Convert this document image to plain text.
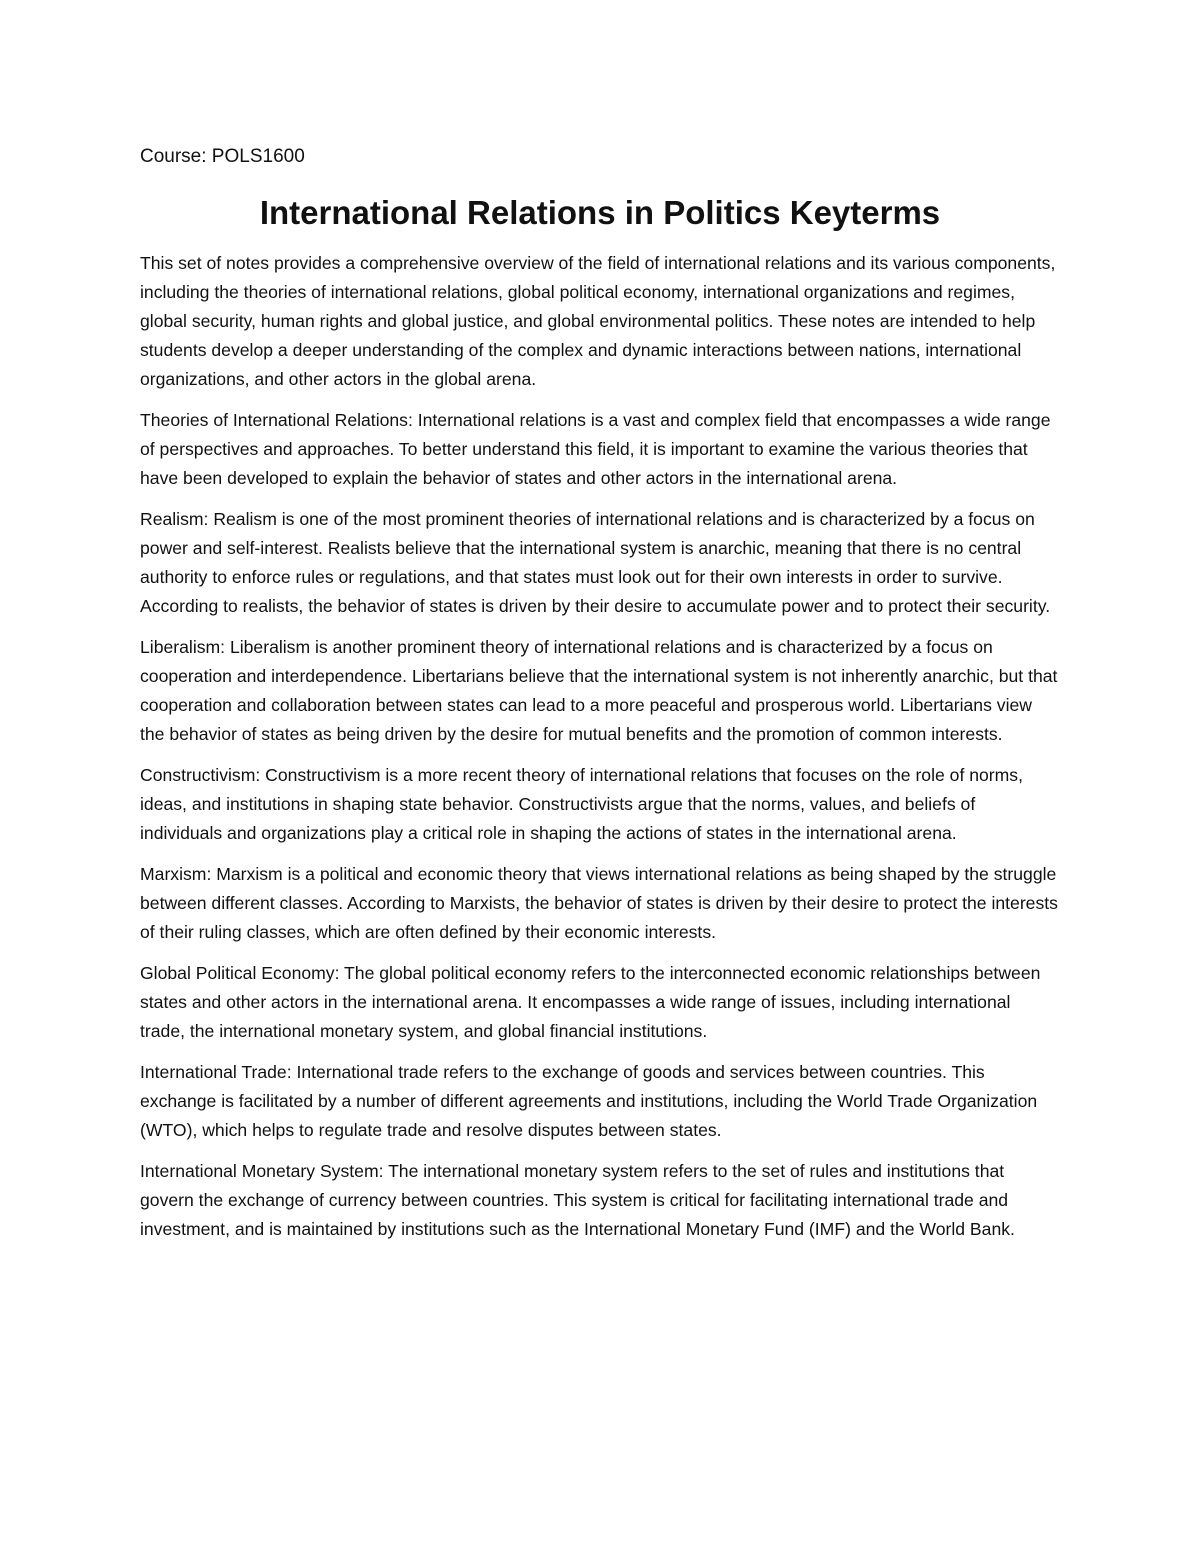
Course: POLS1600
International Relations in Politics Keyterms

This set of notes provides a comprehensive overview of the field of international relations and its various components, including the theories of international relations, global political economy, international organizations and regimes, global security, human rights and global justice, and global environmental politics. These notes are intended to help students develop a deeper understanding of the complex and dynamic interactions between nations, international organizations, and other actors in the global arena.

Theories of International Relations: International relations is a vast and complex field that encompasses a wide range of perspectives and approaches. To better understand this field, it is important to examine the various theories that have been developed to explain the behavior of states and other actors in the international arena.

Realism: Realism is one of the most prominent theories of international relations and is characterized by a focus on power and self-interest. Realists believe that the international system is anarchic, meaning that there is no central authority to enforce rules or regulations, and that states must look out for their own interests in order to survive. According to realists, the behavior of states is driven by their desire to accumulate power and to protect their security.

Liberalism: Liberalism is another prominent theory of international relations and is characterized by a focus on cooperation and interdependence. Libertarians believe that the international system is not inherently anarchic, but that cooperation and collaboration between states can lead to a more peaceful and prosperous world. Libertarians view the behavior of states as being driven by the desire for mutual benefits and the promotion of common interests.

Constructivism: Constructivism is a more recent theory of international relations that focuses on the role of norms, ideas, and institutions in shaping state behavior. Constructivists argue that the norms, values, and beliefs of individuals and organizations play a critical role in shaping the actions of states in the international arena.

Marxism: Marxism is a political and economic theory that views international relations as being shaped by the struggle between different classes. According to Marxists, the behavior of states is driven by their desire to protect the interests of their ruling classes, which are often defined by their economic interests.

Global Political Economy: The global political economy refers to the interconnected economic relationships between states and other actors in the international arena. It encompasses a wide range of issues, including international trade, the international monetary system, and global financial institutions.

International Trade: International trade refers to the exchange of goods and services between countries. This exchange is facilitated by a number of different agreements and institutions, including the World Trade Organization (WTO), which helps to regulate trade and resolve disputes between states.

International Monetary System: The international monetary system refers to the set of rules and institutions that govern the exchange of currency between countries. This system is critical for facilitating international trade and investment, and is maintained by institutions such as the International Monetary Fund (IMF) and the World Bank.
